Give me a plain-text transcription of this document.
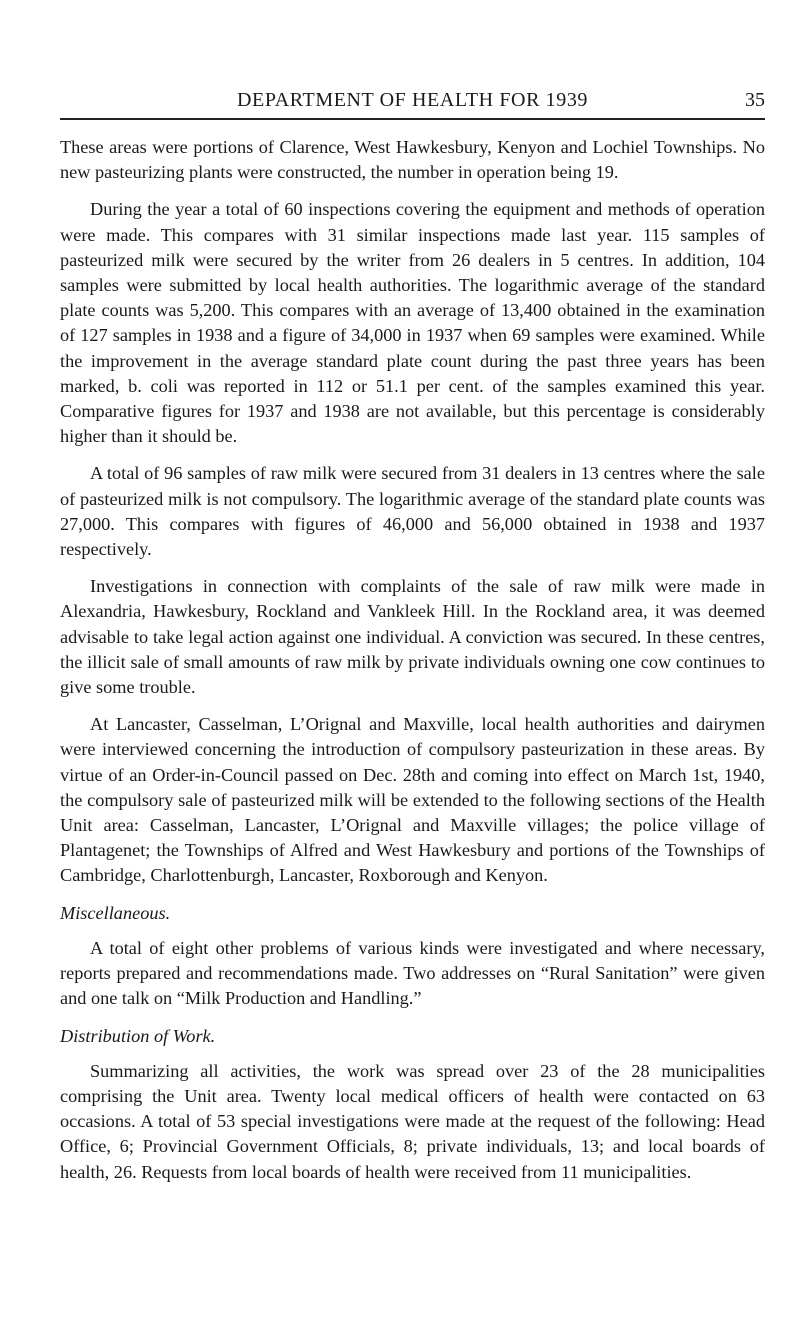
DEPARTMENT OF HEALTH FOR 1939	35

These areas were portions of Clarence, West Hawkesbury, Kenyon and Lochiel Townships. No new pasteurizing plants were constructed, the number in operation being 19.

During the year a total of 60 inspections covering the equipment and methods of operation were made. This compares with 31 similar inspections made last year. 115 samples of pasteurized milk were secured by the writer from 26 dealers in 5 centres. In addition, 104 samples were submitted by local health authorities. The logarithmic average of the standard plate counts was 5,200. This compares with an average of 13,400 obtained in the examination of 127 samples in 1938 and a figure of 34,000 in 1937 when 69 samples were examined. While the improvement in the average standard plate count during the past three years has been marked, b. coli was reported in 112 or 51.1 per cent. of the samples examined this year. Comparative figures for 1937 and 1938 are not available, but this percentage is considerably higher than it should be.

A total of 96 samples of raw milk were secured from 31 dealers in 13 centres where the sale of pasteurized milk is not compulsory. The logarithmic average of the standard plate counts was 27,000. This compares with figures of 46,000 and 56,000 obtained in 1938 and 1937 respectively.

Investigations in connection with complaints of the sale of raw milk were made in Alexandria, Hawkesbury, Rockland and Vankleek Hill. In the Rockland area, it was deemed advisable to take legal action against one individual. A conviction was secured. In these centres, the illicit sale of small amounts of raw milk by private individuals owning one cow continues to give some trouble.

At Lancaster, Casselman, L’Orignal and Maxville, local health authorities and dairymen were interviewed concerning the introduction of compulsory pasteurization in these areas. By virtue of an Order-in-Council passed on Dec. 28th and coming into effect on March 1st, 1940, the compulsory sale of pasteurized milk will be extended to the following sections of the Health Unit area: Casselman, Lancaster, L’Orignal and Maxville villages; the police village of Plantagenet; the Townships of Alfred and West Hawkesbury and portions of the Townships of Cambridge, Charlottenburgh, Lancaster, Roxborough and Kenyon.

Miscellaneous.

A total of eight other problems of various kinds were investigated and where necessary, reports prepared and recommendations made. Two addresses on “Rural Sanitation” were given and one talk on “Milk Production and Handling.”

Distribution of Work.

Summarizing all activities, the work was spread over 23 of the 28 municipalities comprising the Unit area. Twenty local medical officers of health were contacted on 63 occasions. A total of 53 special investigations were made at the request of the following: Head Office, 6; Provincial Government Officials, 8; private individuals, 13; and local boards of health, 26. Requests from local boards of health were received from 11 municipalities.
